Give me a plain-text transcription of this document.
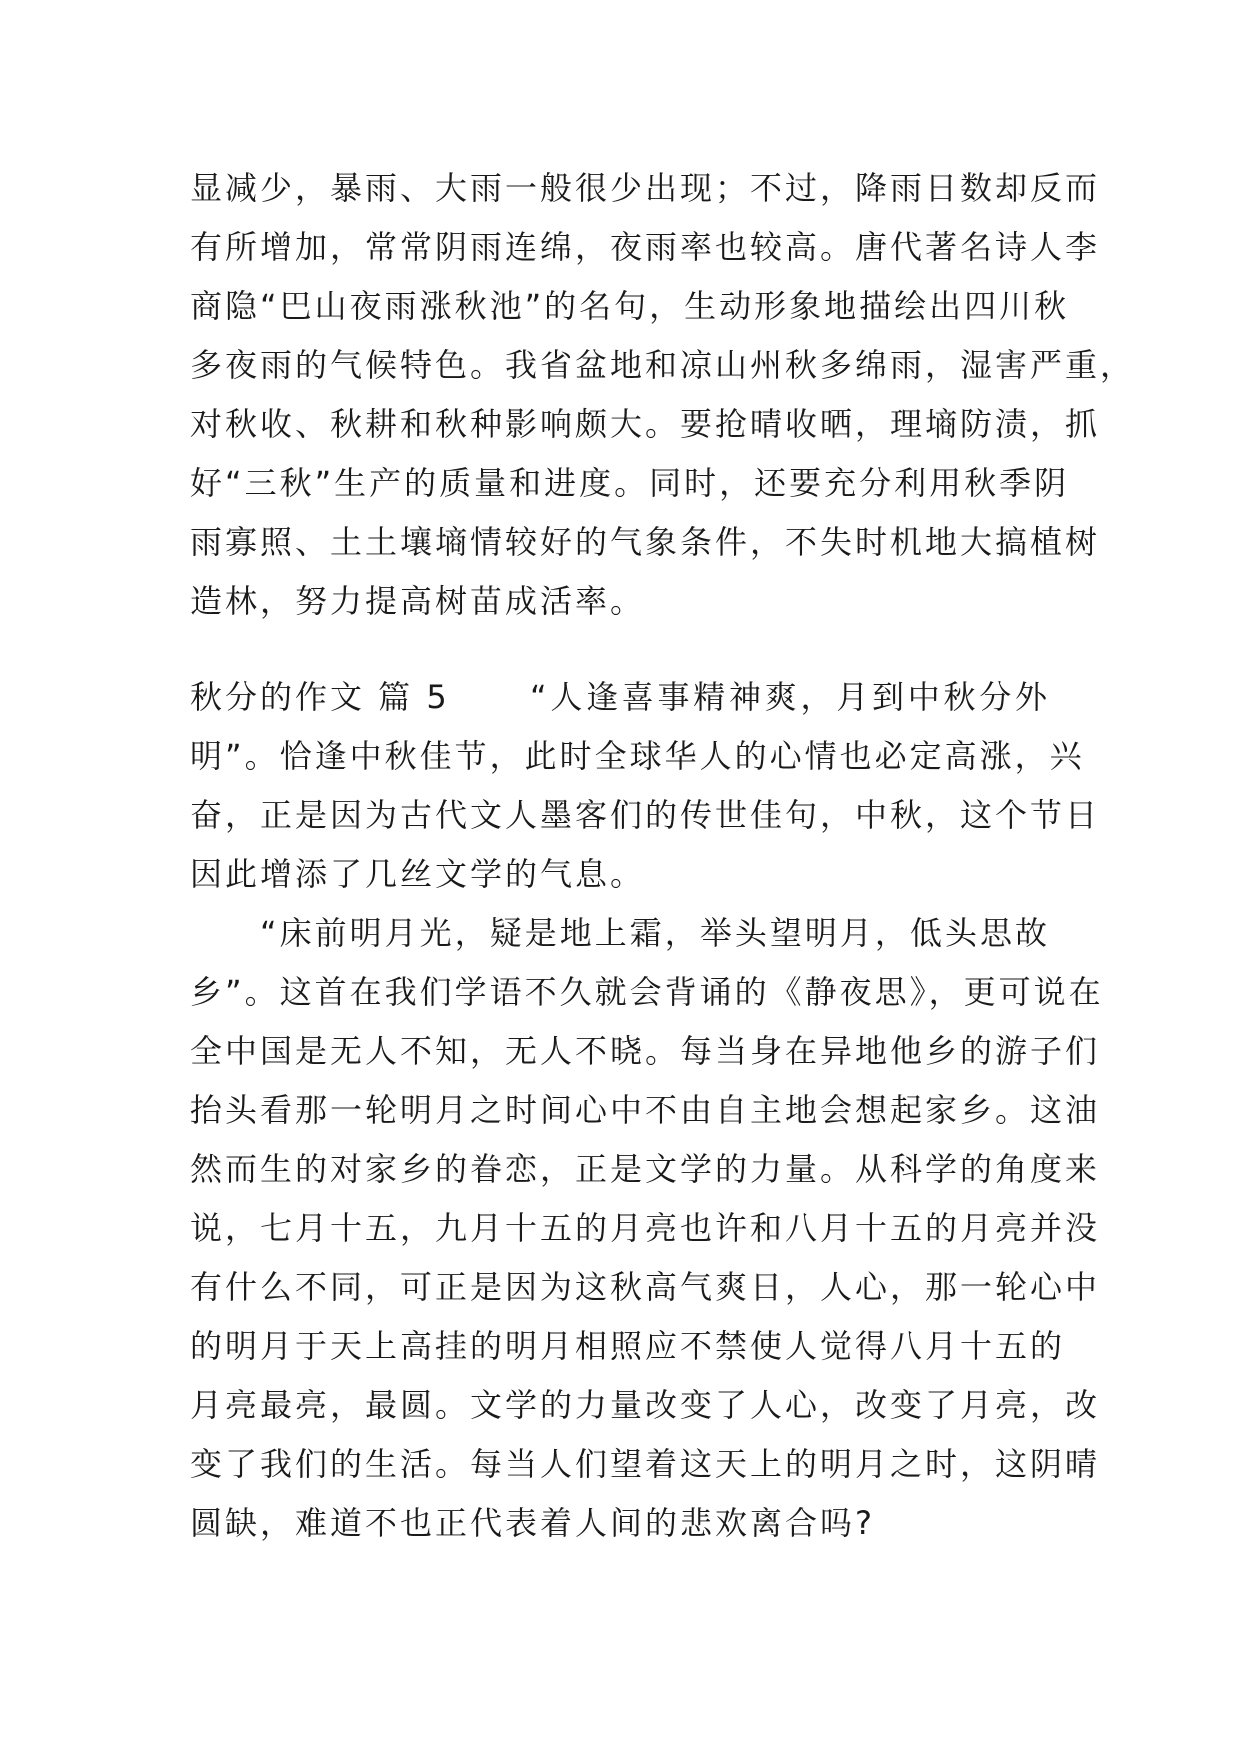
显减少，暴雨、大雨一般很少出现；不过，降雨日数却反而
有所增加，常常阴雨连绵，夜雨率也较高。唐代著名诗人李
商隐“巴山夜雨涨秋池”的名句，生动形象地描绘出四川秋
多夜雨的气候特色。我省盆地和凉山州秋多绵雨，湿害严重，
对秋收、秋耕和秋种影响颇大。要抢晴收晒，理墒防渍，抓
好“三秋”生产的质量和进度。同时，还要充分利用秋季阴
雨寡照、土土壤墒情较好的气象条件，不失时机地大搞植树
造林，努力提高树苗成活率。
秋分的作文 篇 5	“人逢喜事精神爽，月到中秋分外
明”。恰逢中秋佳节，此时全球华人的心情也必定高涨，兴
奋，正是因为古代文人墨客们的传世佳句，中秋，这个节日
因此增添了几丝文学的气息。
“床前明月光，疑是地上霜，举头望明月，低头思故
乡”。这首在我们学语不久就会背诵的《静夜思》，更可说在
全中国是无人不知，无人不晓。每当身在异地他乡的游子们
抬头看那一轮明月之时间心中不由自主地会想起家乡。这油
然而生的对家乡的眷恋，正是文学的力量。从科学的角度来
说，七月十五，九月十五的月亮也许和八月十五的月亮并没
有什么不同，可正是因为这秋高气爽日，人心，那一轮心中
的明月于天上高挂的明月相照应不禁使人觉得八月十五的
月亮最亮，最圆。文学的力量改变了人心，改变了月亮，改
变了我们的生活。每当人们望着这天上的明月之时，这阴晴
圆缺，难道不也正代表着人间的悲欢离合吗?
